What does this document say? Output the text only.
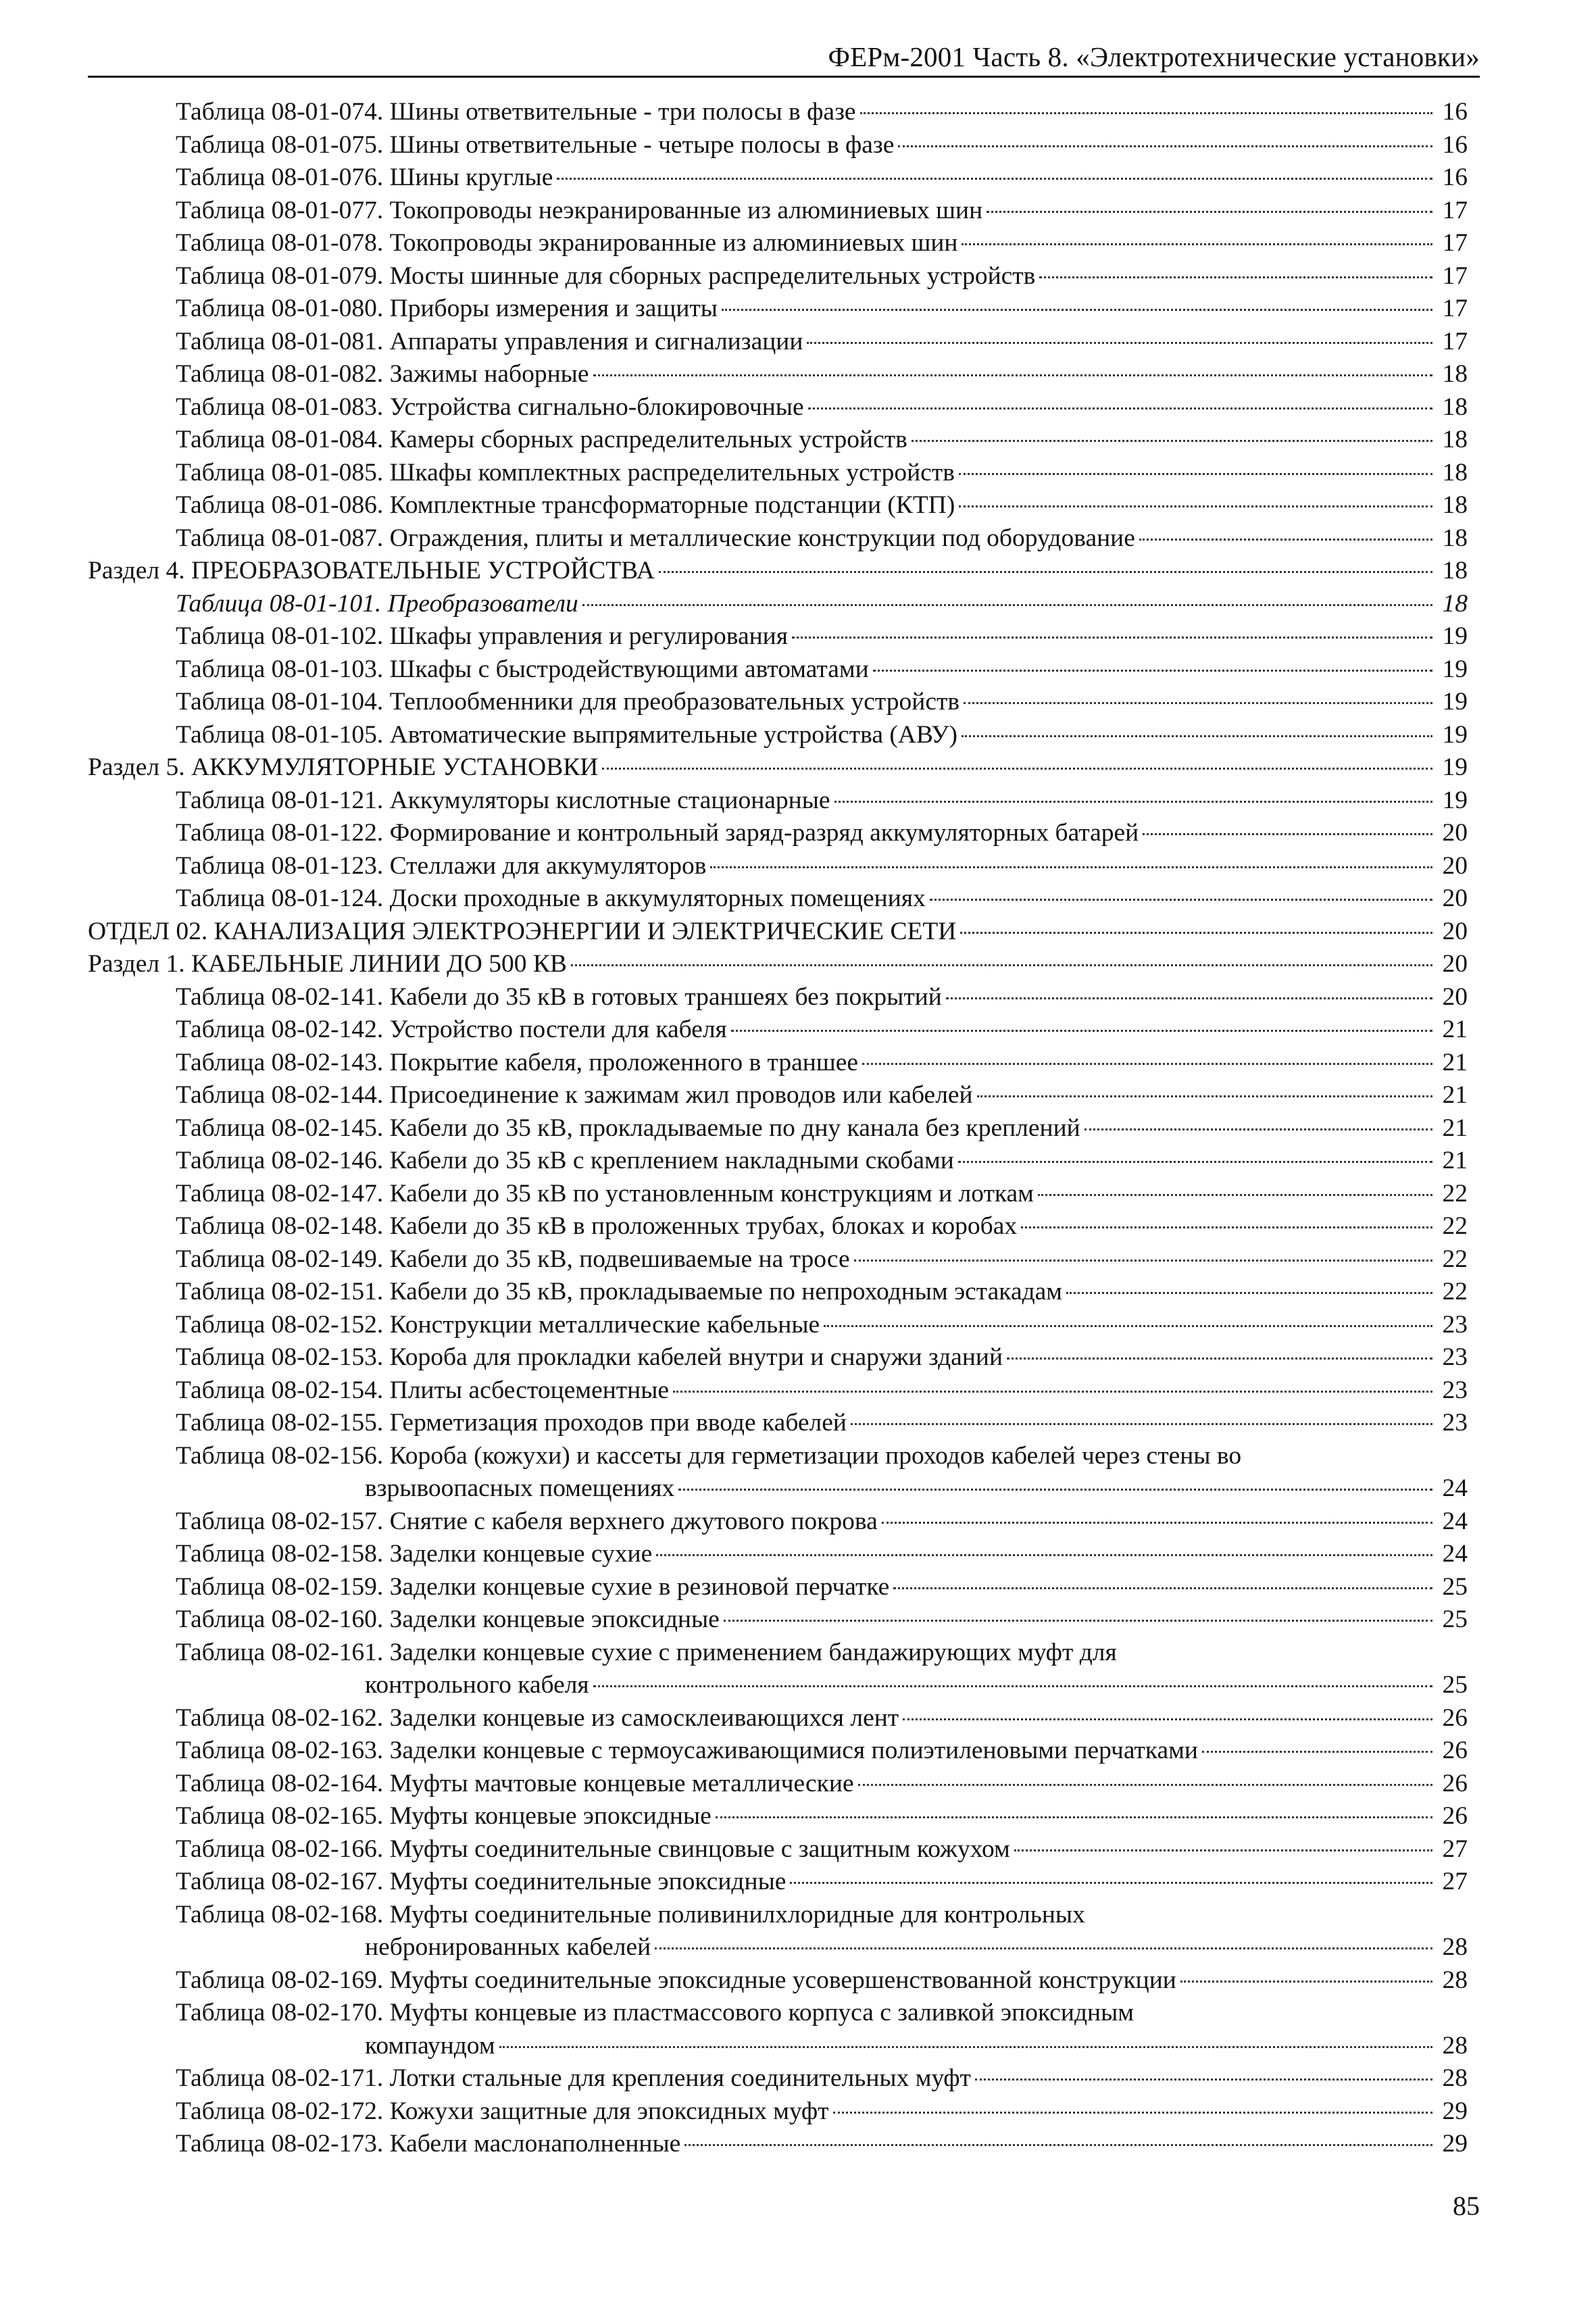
ФЕРм-2001 Часть 8. «Электротехнические установки»
Таблица 08-01-074. Шины ответвительные - три полосы в фазе	16
Таблица 08-01-075. Шины ответвительные - четыре полосы в фазе	16
Таблица 08-01-076. Шины круглые	16
Таблица 08-01-077. Токопроводы неэкранированные из алюминиевых шин	17
Таблица 08-01-078. Токопроводы экранированные из алюминиевых шин	17
Таблица 08-01-079. Мосты шинные для сборных распределительных устройств	17
Таблица 08-01-080. Приборы измерения и защиты	17
Таблица 08-01-081. Аппараты управления и сигнализации	17
Таблица 08-01-082. Зажимы наборные	18
Таблица 08-01-083. Устройства сигнально-блокировочные	18
Таблица 08-01-084. Камеры сборных распределительных устройств	18
Таблица 08-01-085. Шкафы комплектных распределительных устройств	18
Таблица 08-01-086. Комплектные трансформаторные подстанции (КТП)	18
Таблица 08-01-087. Ограждения, плиты и металлические конструкции под оборудование	18
Раздел 4. ПРЕОБРАЗОВАТЕЛЬНЫЕ УСТРОЙСТВА	18
Таблица 08-01-101. Преобразователи	18
Таблица 08-01-102. Шкафы управления и регулирования	19
Таблица 08-01-103. Шкафы с быстродействующими автоматами	19
Таблица 08-01-104. Теплообменники для преобразовательных устройств	19
Таблица 08-01-105. Автоматические выпрямительные устройства (АВУ)	19
Раздел 5. АККУМУЛЯТОРНЫЕ УСТАНОВКИ	19
Таблица 08-01-121. Аккумуляторы кислотные стационарные	19
Таблица 08-01-122. Формирование и контрольный заряд-разряд аккумуляторных батарей	20
Таблица 08-01-123. Стеллажи для аккумуляторов	20
Таблица 08-01-124. Доски проходные в аккумуляторных помещениях	20
ОТДЕЛ 02. КАНАЛИЗАЦИЯ ЭЛЕКТРОЭНЕРГИИ И ЭЛЕКТРИЧЕСКИЕ СЕТИ	20
Раздел 1. КАБЕЛЬНЫЕ ЛИНИИ ДО 500 КВ	20
Таблица 08-02-141. Кабели до 35 кВ в готовых траншеях без покрытий	20
Таблица 08-02-142. Устройство постели для кабеля	21
Таблица 08-02-143. Покрытие кабеля, проложенного в траншее	21
Таблица 08-02-144. Присоединение к зажимам жил проводов или кабелей	21
Таблица 08-02-145. Кабели до 35 кВ, прокладываемые по дну канала без креплений	21
Таблица 08-02-146. Кабели до 35 кВ с креплением накладными скобами	21
Таблица 08-02-147. Кабели до 35 кВ по установленным конструкциям и лоткам	22
Таблица 08-02-148. Кабели до 35 кВ в проложенных трубах, блоках и коробах	22
Таблица 08-02-149. Кабели до 35 кВ, подвешиваемые на тросе	22
Таблица 08-02-151. Кабели до 35 кВ, прокладываемые по непроходным эстакадам	22
Таблица 08-02-152. Конструкции металлические кабельные	23
Таблица 08-02-153. Короба для прокладки кабелей внутри и снаружи зданий	23
Таблица 08-02-154. Плиты асбестоцементные	23
Таблица 08-02-155. Герметизация проходов при вводе кабелей	23
Таблица 08-02-156. Короба (кожухи) и кассеты для герметизации проходов кабелей через стены во
взрывоопасных помещениях	24
Таблица 08-02-157. Снятие с кабеля верхнего джутового покрова	24
Таблица 08-02-158. Заделки концевые сухие	24
Таблица 08-02-159. Заделки концевые сухие в резиновой перчатке	25
Таблица 08-02-160. Заделки концевые эпоксидные	25
Таблица 08-02-161. Заделки концевые сухие с применением бандажирующих муфт для
контрольного кабеля	25
Таблица 08-02-162. Заделки концевые из самосклеивающихся лент	26
Таблица 08-02-163. Заделки концевые с термоусаживающимися полиэтиленовыми перчатками	26
Таблица 08-02-164. Муфты мачтовые концевые металлические	26
Таблица 08-02-165. Муфты концевые эпоксидные	26
Таблица 08-02-166. Муфты соединительные свинцовые с защитным кожухом	27
Таблица 08-02-167. Муфты соединительные эпоксидные	27
Таблица 08-02-168. Муфты соединительные поливинилхлоридные для контрольных
небронированных кабелей	28
Таблица 08-02-169. Муфты соединительные эпоксидные усовершенствованной конструкции	28
Таблица 08-02-170. Муфты концевые из пластмассового корпуса с заливкой эпоксидным
компаундом	28
Таблица 08-02-171. Лотки стальные для крепления соединительных муфт	28
Таблица 08-02-172. Кожухи защитные для эпоксидных муфт	29
Таблица 08-02-173. Кабели маслонаполненные	29
85
